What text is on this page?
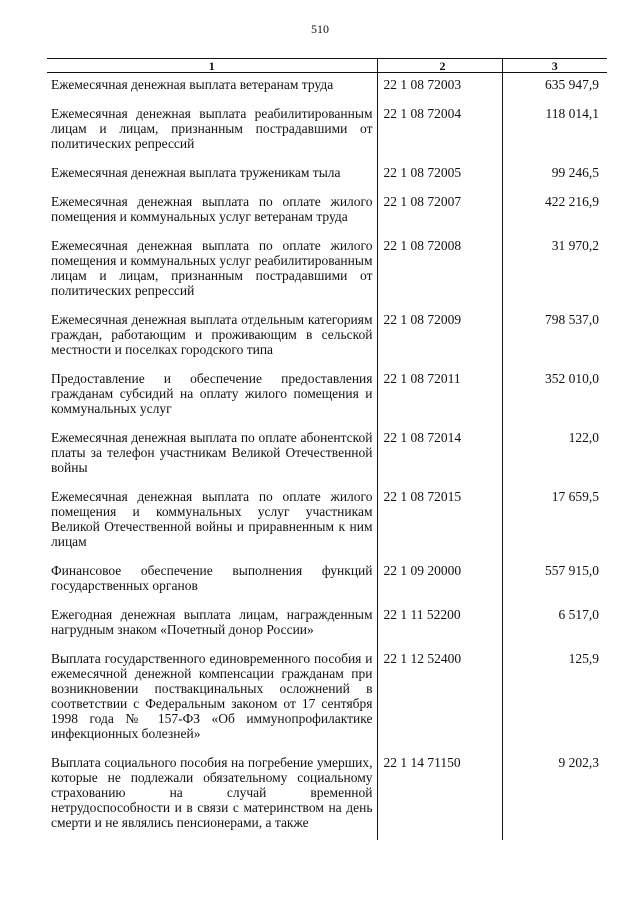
510
1	2	3
Ежемесячная денежная выплата ветеранам труда	22 1 08 72003	635 947,9
Ежемесячная денежная выплата реабилитированным лицам и лицам, признанным пострадавшими от политических репрессий	22 1 08 72004	118 014,1
Ежемесячная денежная выплата труженикам тыла	22 1 08 72005	99 246,5
Ежемесячная денежная выплата по оплате жилого помещения и коммунальных услуг ветеранам труда	22 1 08 72007	422 216,9
Ежемесячная денежная выплата по оплате жилого помещения и коммунальных услуг реабилитированным лицам и лицам, признанным пострадавшими от политических репрессий	22 1 08 72008	31 970,2
Ежемесячная денежная выплата отдельным категориям граждан, работающим и проживающим в сельской местности и поселках городского типа	22 1 08 72009	798 537,0
Предоставление и обеспечение предоставления гражданам субсидий на оплату жилого помещения и коммунальных услуг	22 1 08 72011	352 010,0
Ежемесячная денежная выплата по оплате абонентской платы за телефон участникам Великой Отечественной войны	22 1 08 72014	122,0
Ежемесячная денежная выплата по оплате жилого помещения и коммунальных услуг участникам Великой Отечественной войны и приравненным к ним лицам	22 1 08 72015	17 659,5
Финансовое обеспечение выполнения функций государственных органов	22 1 09 20000	557 915,0
Ежегодная денежная выплата лицам, награжденным нагрудным знаком «Почетный донор России»	22 1 11 52200	6 517,0
Выплата государственного единовременного пособия и ежемесячной денежной компенсации гражданам при возникновении поствакцинальных осложнений в соответствии с Федеральным законом от 17 сентября 1998 года № 157-ФЗ «Об иммунопрофилактике инфекционных болезней»	22 1 12 52400	125,9
Выплата социального пособия на погребение умерших, которые не подлежали обязательному социальному страхованию на случай временной нетрудоспособности и в связи с материнством на день смерти и не являлись пенсионерами, а также	22 1 14 71150	9 202,3
